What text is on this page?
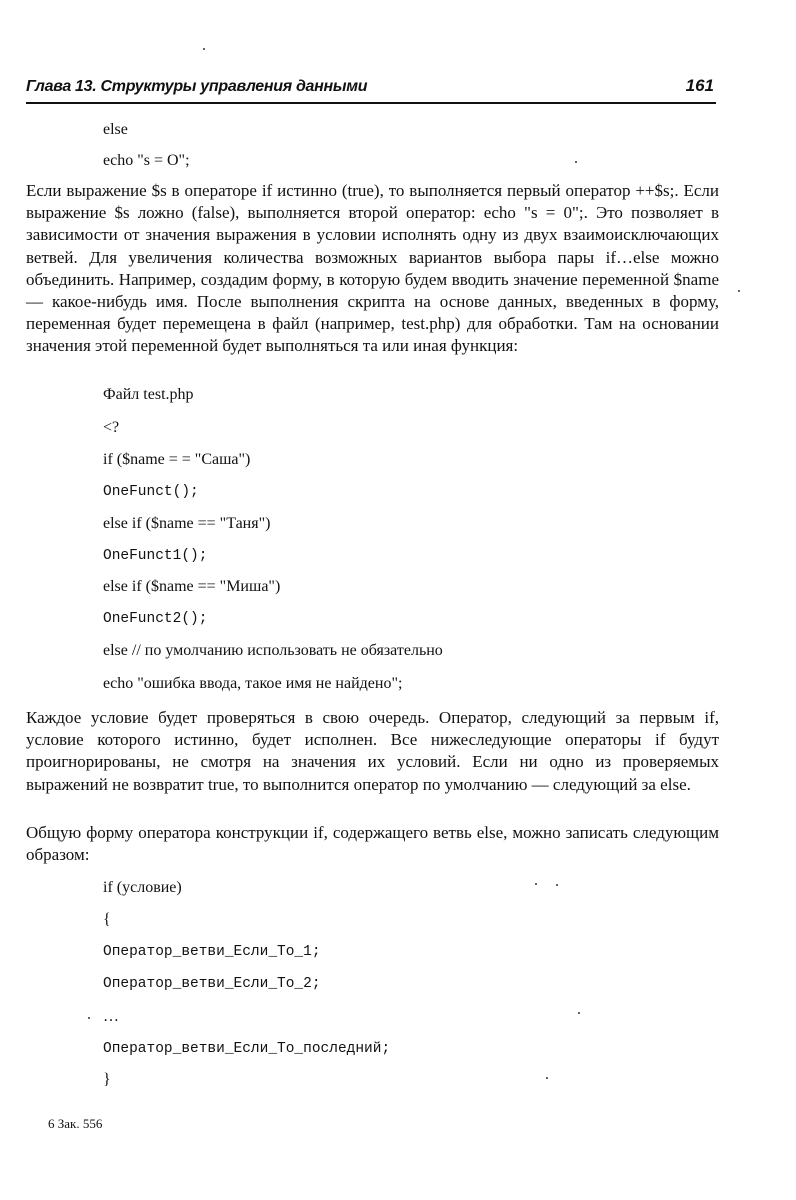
Глава 13. Структуры управления данными	161
else
echo "s = O";

Если выражение $s в операторе if истинно (true), то выполняется первый оператор ++$s;. Если выражение $s ложно (false), выполняется второй оператор: echo "s = 0";. Это позволяет в зависимости от значения выражения в условии исполнять одну из двух взаимоисключающих ветвей. Для увеличения количества возможных вариантов выбора пары if…else можно объединить. Например, создадим форму, в которую будем вводить значение переменной $name — какое-нибудь имя. После выполнения скрипта на основе данных, введенных в форму, переменная будет перемещена в файл (например, test.php) для обработки. Там на основании значения этой переменной будет выполняться та или иная функция:

Файл test.php
<?
if ($name = = "Саша")
OneFunct();
else if ($name == "Таня")
OneFunct1();
else if ($name == "Миша")
OneFunct2();
else // по умолчанию использовать не обязательно
echo "ошибка ввода, такое имя не найдено";

Каждое условие будет проверяться в свою очередь. Оператор, следующий за первым if, условие которого истинно, будет исполнен. Все нижеследующие операторы if будут проигнорированы, не смотря на значения их условий. Если ни одно из проверяемых выражений не возвратит true, то выполнится оператор по умолчанию — следующий за else.

Общую форму оператора конструкции if, содержащего ветвь else, можно записать следующим образом:

if (условие)
{
Оператор_ветви_Если_То_1;
Оператор_ветви_Если_То_2;
…
Оператор_ветви_Если_То_последний;
}
6 Зак. 556
